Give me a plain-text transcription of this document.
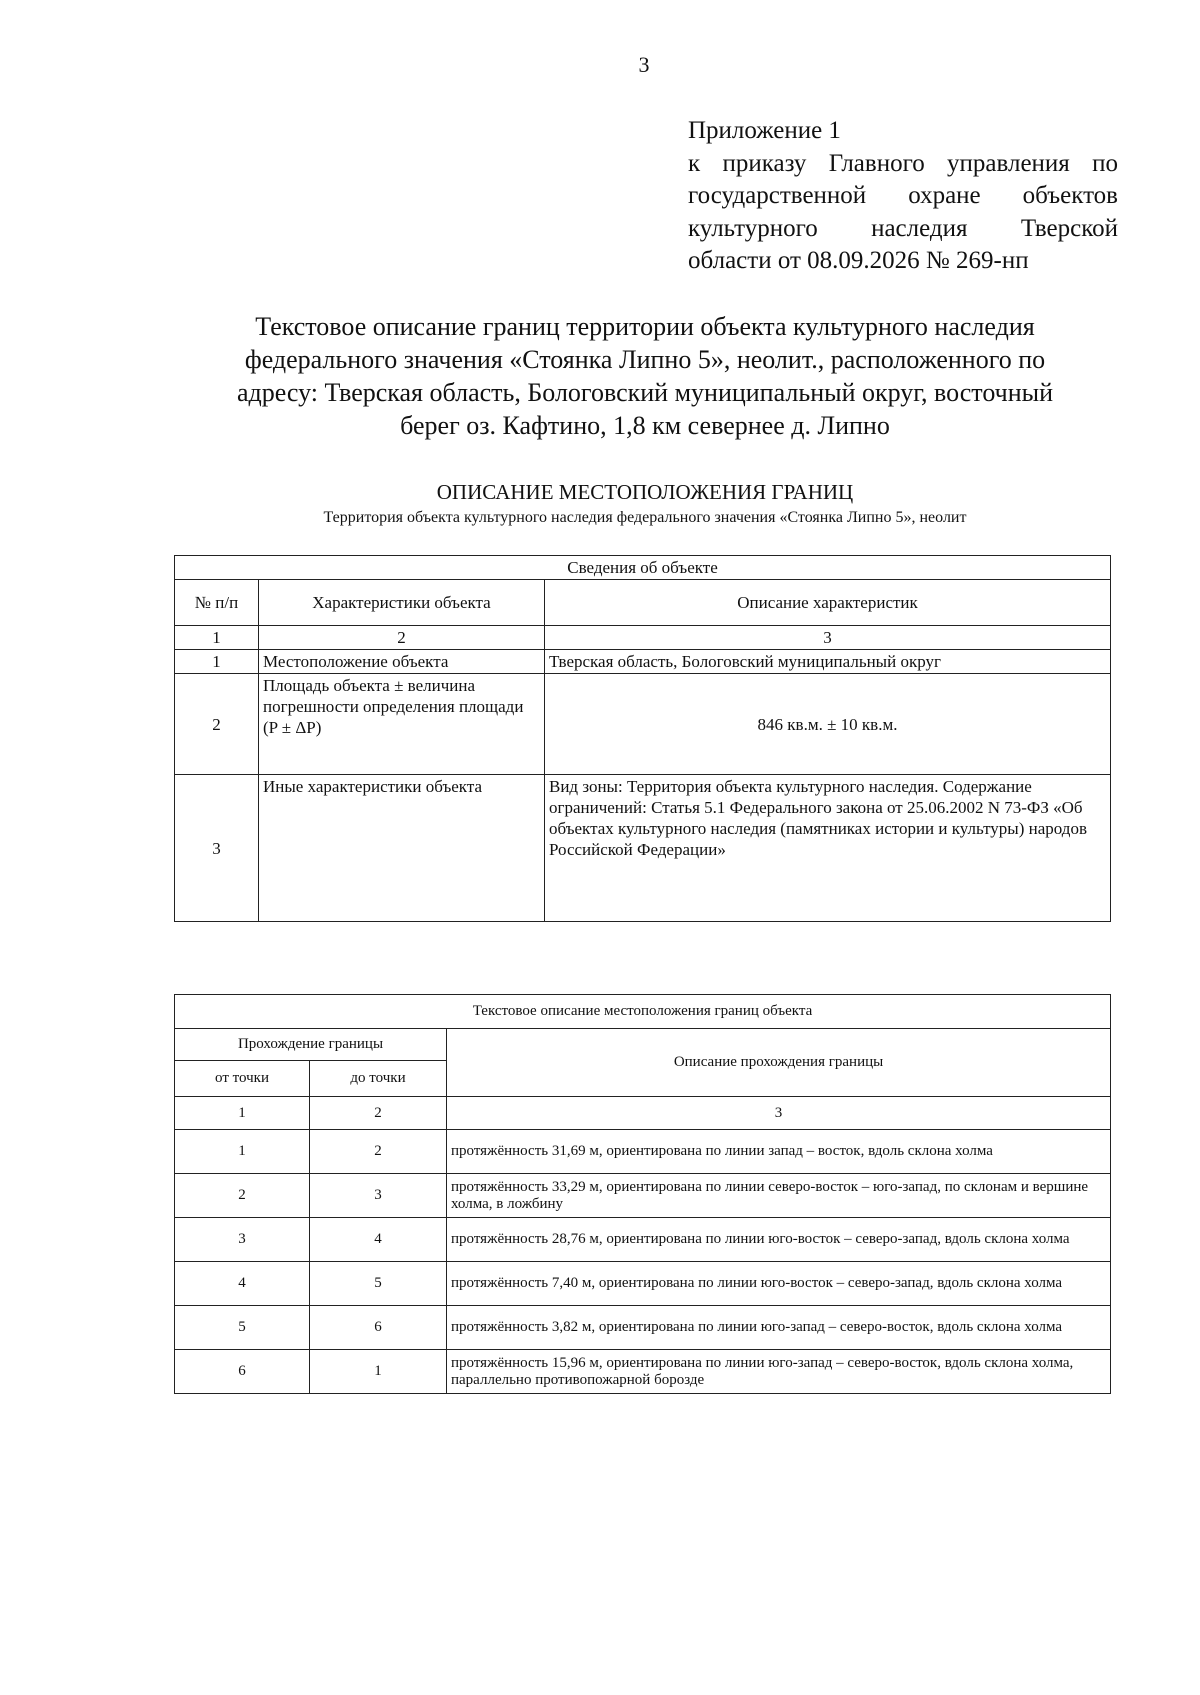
3
Приложение 1
к приказу Главного управления по
государственной охране объектов
культурного наследия Тверской
области от 08.09.2026 № 269-нп
Текстовое описание границ территории объекта культурного наследия
федерального значения «Стоянка Липно 5», неолит., расположенного по
адресу: Тверская область, Бологовский муниципальный округ, восточный
берег оз. Кафтино, 1,8 км севернее д. Липно
ОПИСАНИЕ МЕСТОПОЛОЖЕНИЯ ГРАНИЦ
Территория объекта культурного наследия федерального значения «Стоянка Липно 5», неолит
Сведения об объекте		
№ п/п	Характеристики объекта	Описание характеристик
1	2	3
1	Местоположение объекта	Тверская область, Бологовский муниципальный округ
2	Площадь объекта ± величина погрешности определения площади (P ± ΔP)	846 кв.м. ± 10 кв.м.
3	Иные характеристики объекта	Вид зоны: Территория объекта культурного наследия. Содержание ограничений: Статья 5.1 Федерального закона от 25.06.2002 N 73-ФЗ «Об объектах культурного наследия (памятниках истории и культуры) народов Российской Федерации»
Текстовое описание местоположения границ объекта		
Прохождение границы		Описание прохождения границы
от точки	до точки	
1	2	3
1	2	протяжённость 31,69 м, ориентирована по линии запад – восток, вдоль склона холма
2	3	протяжённость 33,29 м, ориентирована по линии северо-восток – юго-запад, по склонам и вершине холма, в ложбину
3	4	протяжённость 28,76 м, ориентирована по линии юго-восток – северо-запад, вдоль склона холма
4	5	протяжённость 7,40 м, ориентирована по линии юго-восток – северо-запад, вдоль склона холма
5	6	протяжённость 3,82 м, ориентирована по линии юго-запад – северо-восток, вдоль склона холма
6	1	протяжённость 15,96 м, ориентирована по линии юго-запад – северо-восток, вдоль склона холма, параллельно противопожарной борозде
